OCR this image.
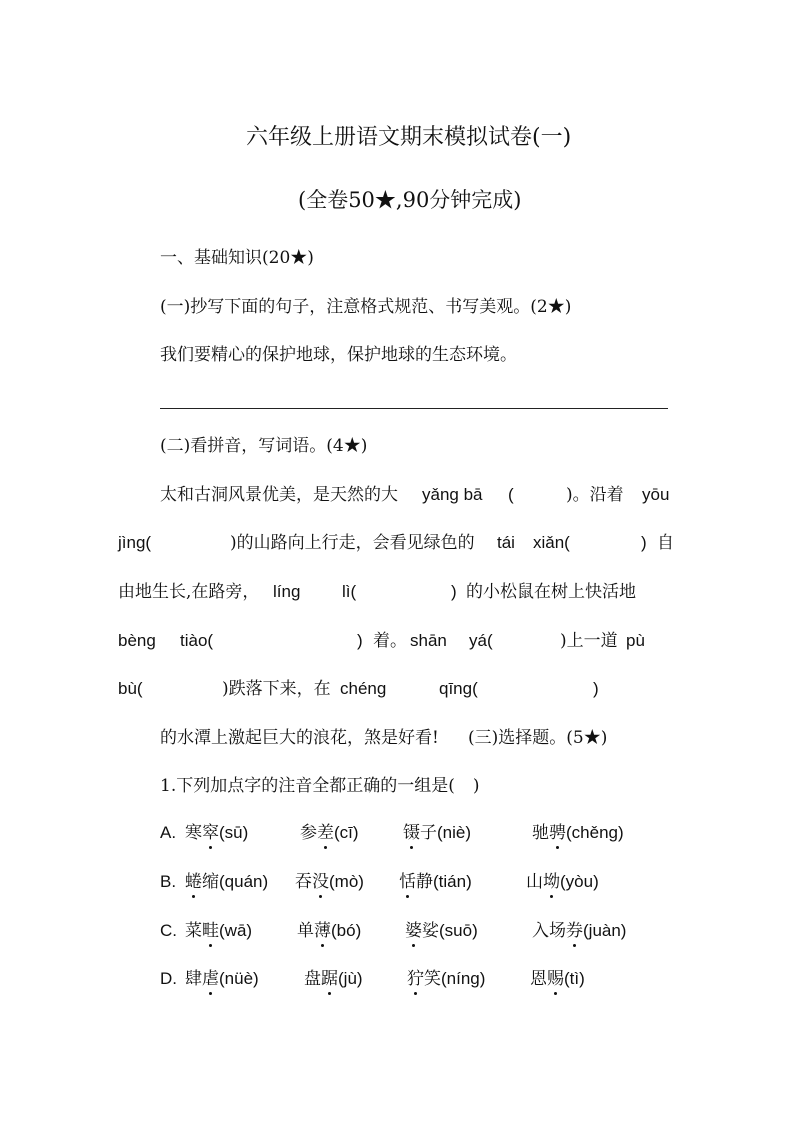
六年级上册语文期末模拟试卷(一)
(全卷50★,90分钟完成)
一、基础知识(20★)
(一)抄写下面的句子，注意格式规范、书写美观。(2★)
我们要精心的保护地球，保护地球的生态环境。
(二)看拼音，写词语。(4★)
太和古洞风景优美，是天然的大 yǎng bā (	)。沿着 yōu
jìng(	)的山路向上行走，会看见绿色的 tái xiǎn(	) 自
由地生长,在路旁， líng lì(	) 的小松鼠在树上快活地
bèng tiào(	) 着。 shān yá(	)上一道 pù
bù(	)跌落下来，在 chéng	qīng(	)
的水潭上激起巨大的浪花，煞是好看! (三)选择题。(5★)
1.下列加点字的注音全都正确的一组是( )
A. 寒窣(sū)	参差(cī)	镊子(niè)	驰骋(chěng)
B. 蜷缩(quán) 吞没(mò) 恬静(tián)	山坳(yòu)
C. 菜畦(wā)	单薄(bó)	婆娑(suō)	入场券(juàn)
D. 肆虐(nüè)	盘踞(jù)	狞笑(níng)	恩赐(tì)
